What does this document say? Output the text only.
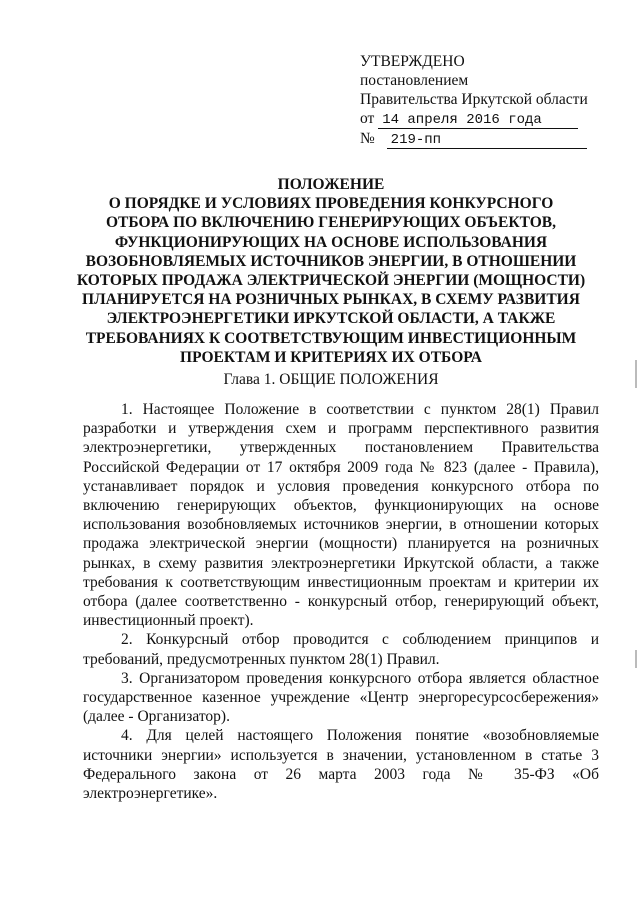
УТВЕРЖДЕНО
постановлением
Правительства Иркутской области
от 14 апреля 2016 года
№ 219-пп
ПОЛОЖЕНИЕ
О ПОРЯДКЕ И УСЛОВИЯХ ПРОВЕДЕНИЯ КОНКУРСНОГО
ОТБОРА ПО ВКЛЮЧЕНИЮ ГЕНЕРИРУЮЩИХ ОБЪЕКТОВ,
ФУНКЦИОНИРУЮЩИХ НА ОСНОВЕ ИСПОЛЬЗОВАНИЯ
ВОЗОБНОВЛЯЕМЫХ ИСТОЧНИКОВ ЭНЕРГИИ, В ОТНОШЕНИИ
КОТОРЫХ ПРОДАЖА ЭЛЕКТРИЧЕСКОЙ ЭНЕРГИИ (МОЩНОСТИ)
ПЛАНИРУЕТСЯ НА РОЗНИЧНЫХ РЫНКАХ, В СХЕМУ РАЗВИТИЯ
ЭЛЕКТРОЭНЕРГЕТИКИ ИРКУТСКОЙ ОБЛАСТИ, А ТАКЖЕ
ТРЕБОВАНИЯХ К СООТВЕТСТВУЮЩИМ ИНВЕСТИЦИОННЫМ
ПРОЕКТАМ И КРИТЕРИЯХ ИХ ОТБОРА
Глава 1. ОБЩИЕ ПОЛОЖЕНИЯ
1. Настоящее Положение в соответствии с пунктом 28(1) Правил
разработки и утверждения схем и программ перспективного развития
электроэнергетики, утвержденных постановлением Правительства
Российской Федерации от 17 октября 2009 года № 823 (далее - Правила),
устанавливает порядок и условия проведения конкурсного отбора по
включению генерирующих объектов, функционирующих на основе
использования возобновляемых источников энергии, в отношении которых
продажа электрической энергии (мощности) планируется на розничных
рынках, в схему развития электроэнергетики Иркутской области, а также
требования к соответствующим инвестиционным проектам и критерии их
отбора (далее соответственно - конкурсный отбор, генерирующий объект,
инвестиционный проект).
2. Конкурсный отбор проводится с соблюдением принципов и
требований, предусмотренных пунктом 28(1) Правил.
3. Организатором проведения конкурсного отбора является областное
государственное казенное учреждение «Центр энергоресурсосбережения»
(далее - Организатор).
4. Для целей настоящего Положения понятие «возобновляемые
источники энергии» используется в значении, установленном в статье 3
Федерального закона от 26 марта 2003 года № 35-ФЗ «Об
электроэнергетике».
